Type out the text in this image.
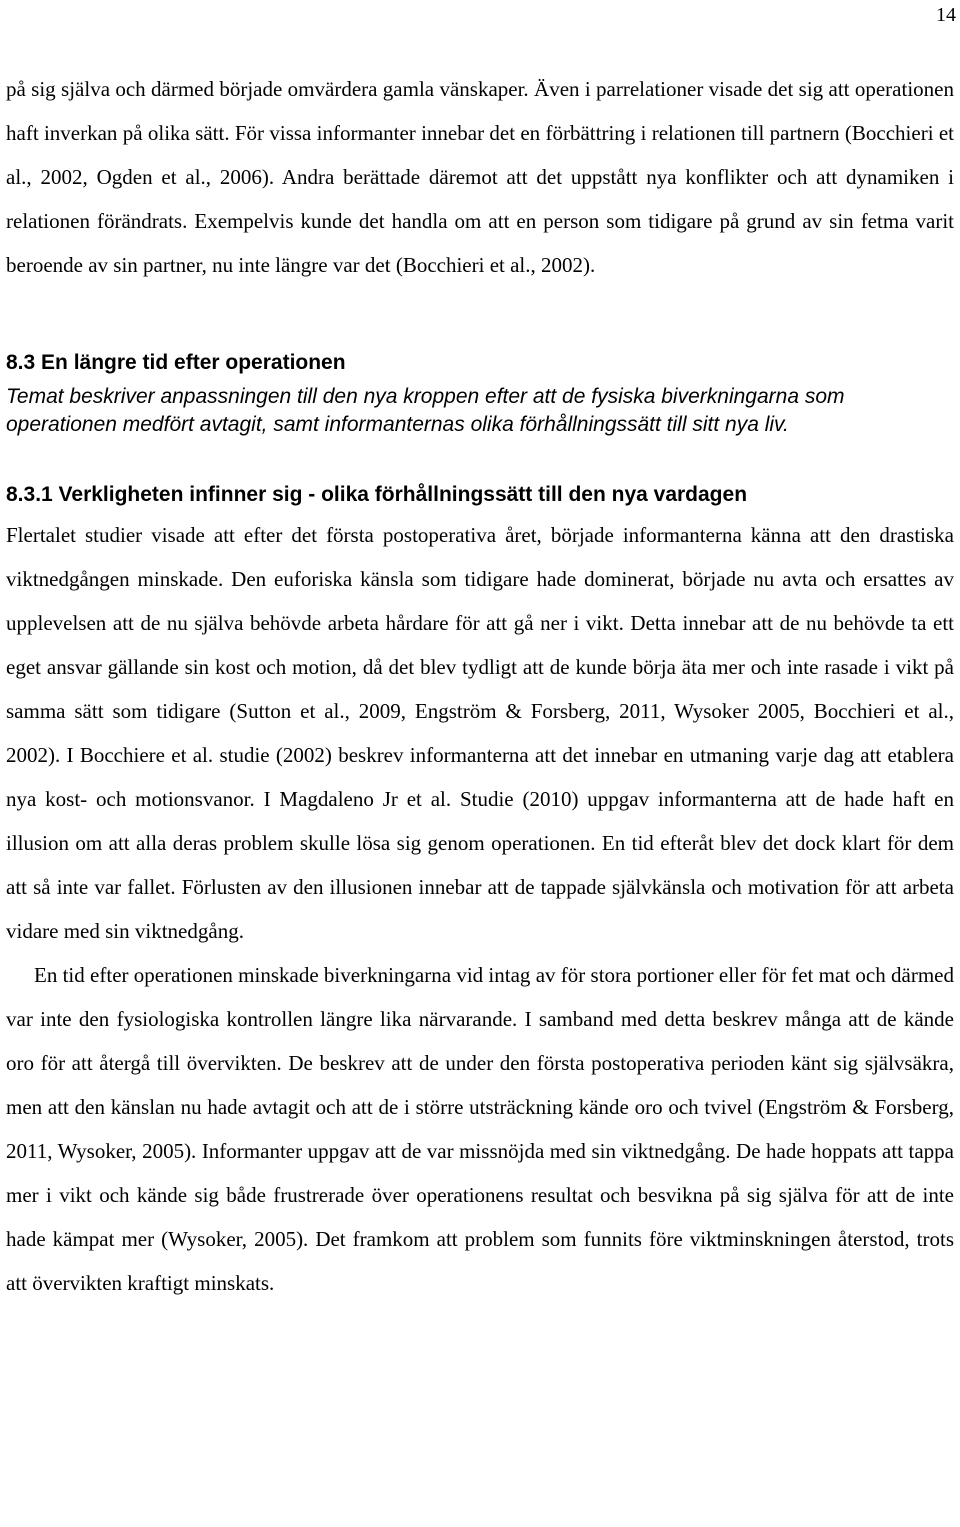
14

på sig själva och därmed började omvärdera gamla vänskaper. Även i parrelationer visade det sig att operationen haft inverkan på olika sätt. För vissa informanter innebar det en förbättring i relationen till partnern (Bocchieri et al., 2002, Ogden et al., 2006). Andra berättade däremot att det uppstått nya konflikter och att dynamiken i relationen förändrats. Exempelvis kunde det handla om att en person som tidigare på grund av sin fetma varit beroende av sin partner, nu inte längre var det (Bocchieri et al., 2002).

8.3 En längre tid efter operationen

Temat beskriver anpassningen till den nya kroppen efter att de fysiska biverkningarna som operationen medfört avtagit, samt informanternas olika förhållningssätt till sitt nya liv.

8.3.1 Verkligheten infinner sig - olika förhållningssätt till den nya vardagen

Flertalet studier visade att efter det första postoperativa året, började informanterna känna att den drastiska viktnedgången minskade. Den euforiska känsla som tidigare hade dominerat, började nu avta och ersattes av upplevelsen att de nu själva behövde arbeta hårdare för att gå ner i vikt. Detta innebar att de nu behövde ta ett eget ansvar gällande sin kost och motion, då det blev tydligt att de kunde börja äta mer och inte rasade i vikt på samma sätt som tidigare (Sutton et al., 2009, Engström & Forsberg, 2011, Wysoker 2005, Bocchieri et al., 2002). I Bocchiere et al. studie (2002) beskrev informanterna att det innebar en utmaning varje dag att etablera nya kost- och motionsvanor. I Magdaleno Jr et al. Studie (2010) uppgav informanterna att de hade haft en illusion om att alla deras problem skulle lösa sig genom operationen. En tid efteråt blev det dock klart för dem att så inte var fallet. Förlusten av den illusionen innebar att de tappade självkänsla och motivation för att arbeta vidare med sin viktnedgång.

En tid efter operationen minskade biverkningarna vid intag av för stora portioner eller för fet mat och därmed var inte den fysiologiska kontrollen längre lika närvarande. I samband med detta beskrev många att de kände oro för att återgå till övervikten. De beskrev att de under den första postoperativa perioden känt sig självsäkra, men att den känslan nu hade avtagit och att de i större utsträckning kände oro och tvivel (Engström & Forsberg, 2011, Wysoker, 2005). Informanter uppgav att de var missnöjda med sin viktnedgång. De hade hoppats att tappa mer i vikt och kände sig både frustrerade över operationens resultat och besvikna på sig själva för att de inte hade kämpat mer (Wysoker, 2005). Det framkom att problem som funnits före viktminskningen återstod, trots att övervikten kraftigt minskats.
